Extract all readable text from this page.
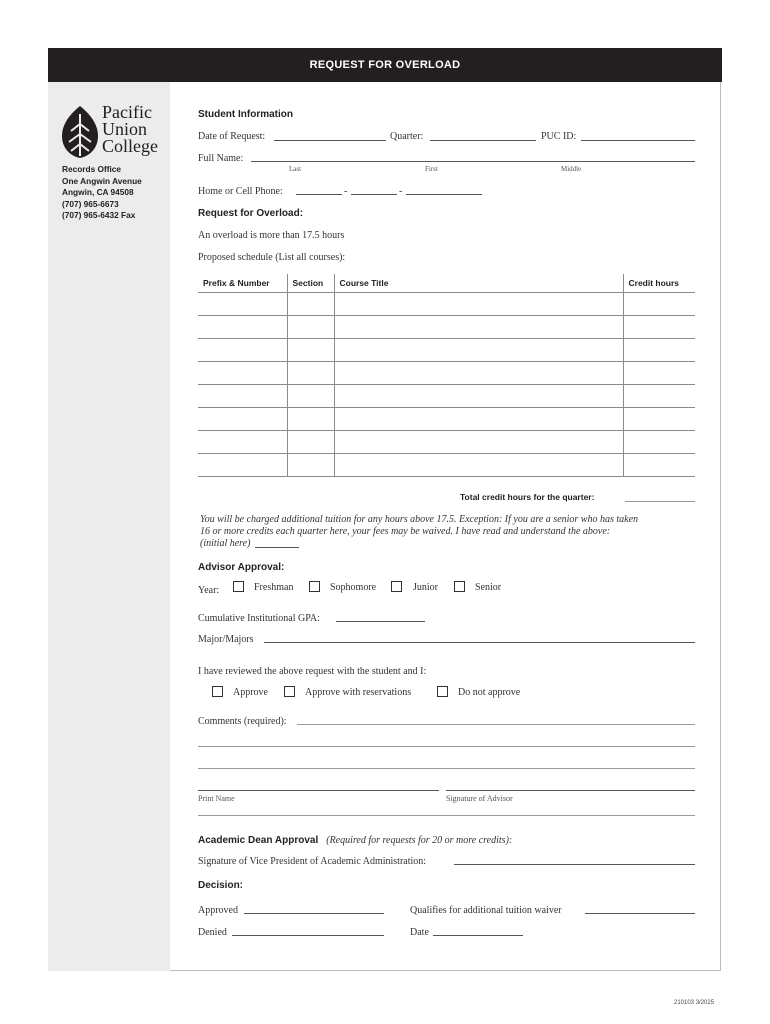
REQUEST FOR OVERLOAD
Pacific
Union
College
Records Office
One Angwin Avenue
Angwin, CA 94508
(707) 965-6673
(707) 965-6432 Fax
Student Information
Date of Request:	Quarter:	PUC ID:
Full Name:
Last	First	Middle
Home or Cell Phone:	-	-
Request for Overload:
An overload is more than 17.5 hours
Proposed schedule (List all courses):
Prefix & Number	Section	Course Title	Credit hours

Total credit hours for the quarter:
You will be charged additional tuition for any hours above 17.5. Exception: If you are a senior who has taken
16 or more credits each quarter here, your fees may be waived. I have read and understand the above:
(initial here)
Advisor Approval:
Year:	Freshman	Sophomore	Junior	Senior
Cumulative Institutional GPA:
Major/Majors
I have reviewed the above request with the student and I:
Approve	Approve with reservations	Do not approve
Comments (required):
Print Name	Signature of Advisor
Academic Dean Approval (Required for requests for 20 or more credits):
Signature of Vice President of Academic Administration:
Decision:
Approved	Qualifies for additional tuition waiver
Denied	Date
210103 3/2025
